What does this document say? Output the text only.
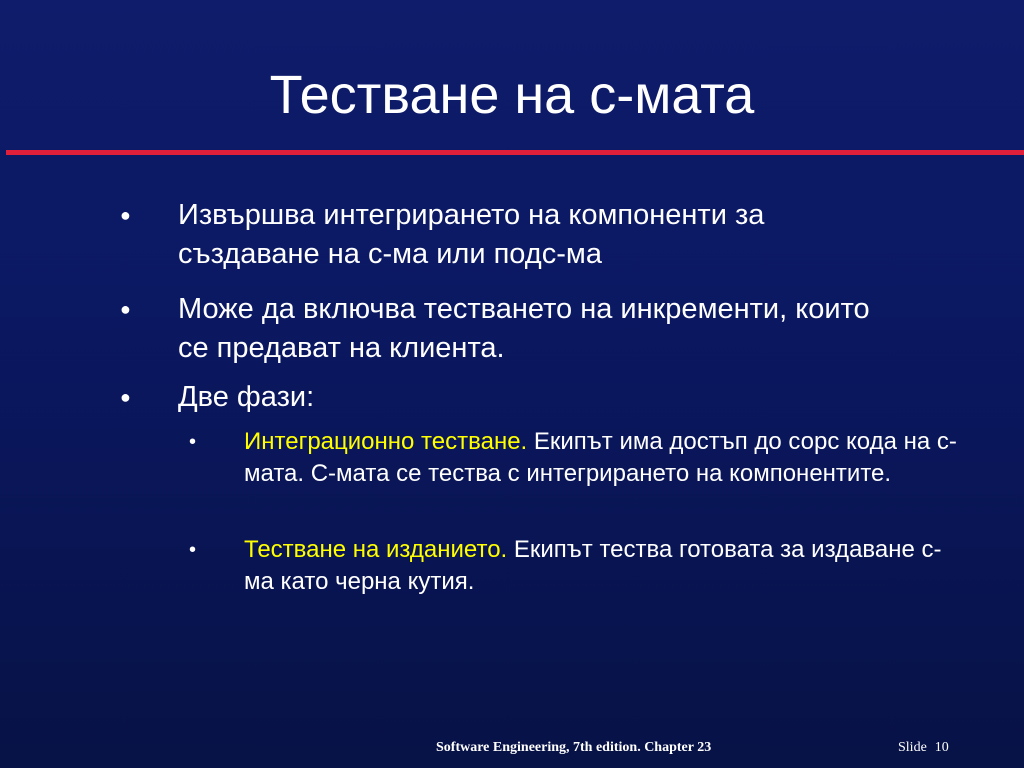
Тестване на с-мата
● Извършва интегрирането на компоненти за създаване на с-ма или подс-ма
● Може да включва тестването на инкременти, които се предават на клиента.
● Две фази:
• Интеграционно тестване. Екипът има достъп до сорс кода на с-мата. С-мата се тества с интегрирането на компонентите.
• Тестване на изданието. Екипът тества готовата за издаване с-ма като черна кутия.
Software Engineering, 7th edition. Chapter 23	Slide 10
